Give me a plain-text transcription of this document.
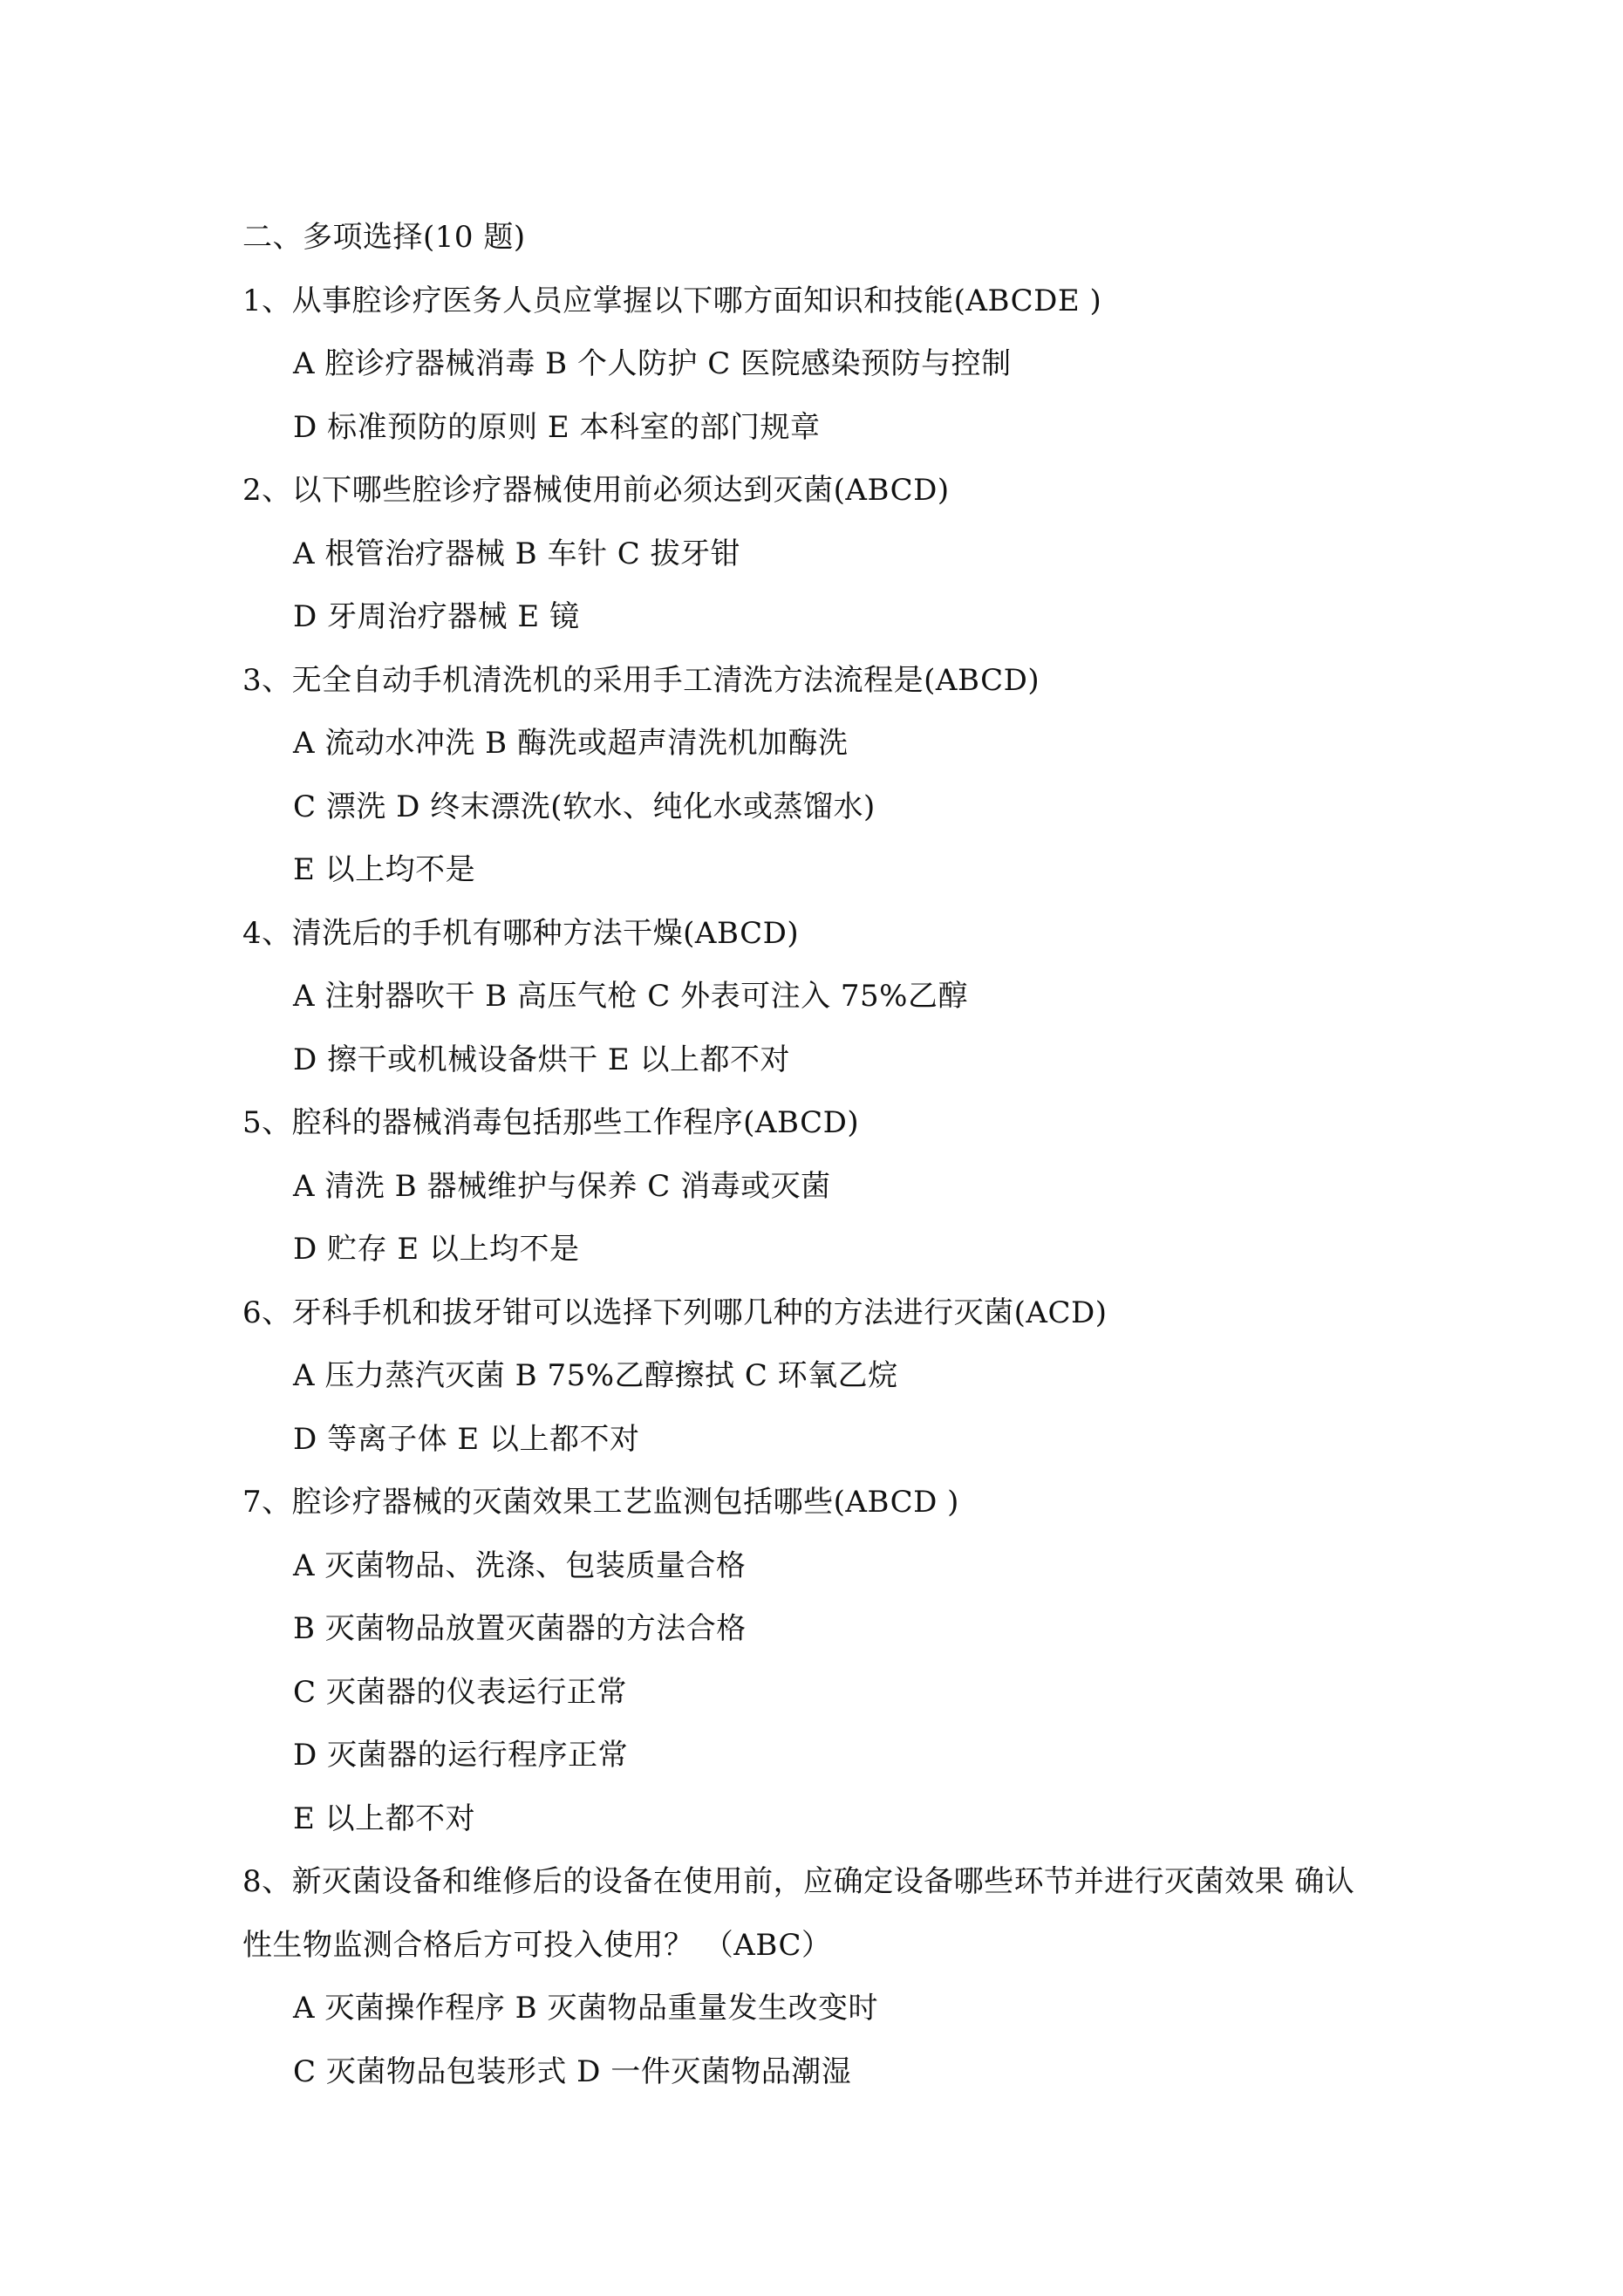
二、多项选择(10 题)
1、从事腔诊疗医务人员应掌握以下哪方面知识和技能(ABCDE )
A 腔诊疗器械消毒 B 个人防护 C 医院感染预防与控制
D 标准预防的原则 E 本科室的部门规章
2、以下哪些腔诊疗器械使用前必须达到灭菌(ABCD)
A 根管治疗器械 B 车针 C 拔牙钳
D 牙周治疗器械 E 镜
3、无全自动手机清洗机的采用手工清洗方法流程是(ABCD)
A 流动水冲洗 B 酶洗或超声清洗机加酶洗
C 漂洗 D 终末漂洗(软水、纯化水或蒸馏水)
E 以上均不是
4、清洗后的手机有哪种方法干燥(ABCD)
A 注射器吹干 B 高压气枪 C 外表可注入 75%乙醇
D 擦干或机械设备烘干 E 以上都不对
5、腔科的器械消毒包括那些工作程序(ABCD)
A 清洗 B 器械维护与保养 C 消毒或灭菌
D 贮存 E 以上均不是
6、牙科手机和拔牙钳可以选择下列哪几种的方法进行灭菌(ACD)
A 压力蒸汽灭菌 B 75%乙醇擦拭 C 环氧乙烷
D 等离子体 E 以上都不对
7、腔诊疗器械的灭菌效果工艺监测包括哪些(ABCD )
A 灭菌物品、洗涤、包装质量合格
B 灭菌物品放置灭菌器的方法合格
C 灭菌器的仪表运行正常
D 灭菌器的运行程序正常
E 以上都不对
8、新灭菌设备和维修后的设备在使用前，应确定设备哪些环节并进行灭菌效果 确认
性生物监测合格后方可投入使用？ （ABC）
A 灭菌操作程序 B 灭菌物品重量发生改变时
C 灭菌物品包装形式 D 一件灭菌物品潮湿
